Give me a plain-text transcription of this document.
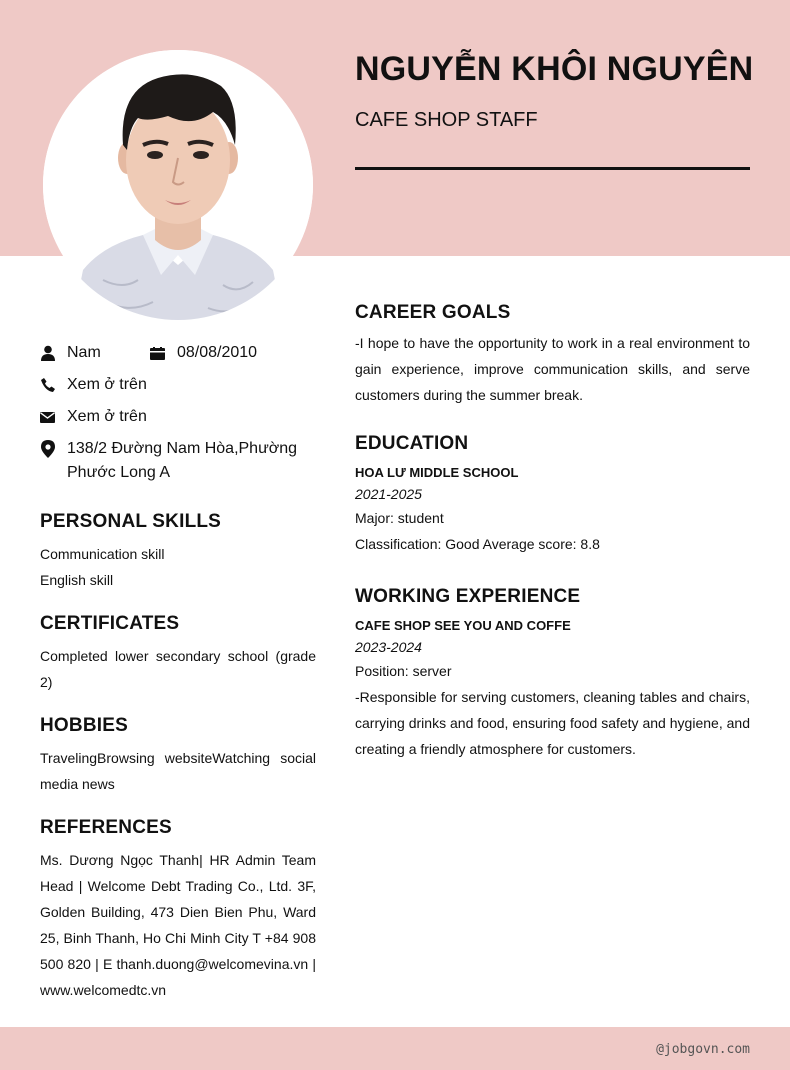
NGUYỄN KHÔI NGUYÊN
CAFE SHOP STAFF
Nam	08/08/2010
Xem ở trên
Xem ở trên
138/2 Đường Nam Hòa,Phường
Phước Long A
PERSONAL SKILLS
Communication skill
English skill
CERTIFICATES
Completed lower secondary school (grade 2)
HOBBIES
TravelingBrowsing websiteWatching social media news
REFERENCES
Ms. Dương Ngọc Thanh| HR Admin Team Head | Welcome Debt Trading Co., Ltd. 3F, Golden Building, 473 Dien Bien Phu, Ward 25, Binh Thanh, Ho Chi Minh City T +84 908 500 820 | E thanh.duong@welcomevina.vn | www.welcomedtc.vn
CAREER GOALS
-I hope to have the opportunity to work in a real environment to gain experience, improve communication skills, and serve customers during the summer break.
EDUCATION
HOA LƯ MIDDLE SCHOOL
2021-2025
Major: student
Classification: Good Average score: 8.8
WORKING EXPERIENCE
CAFE SHOP SEE YOU AND COFFE
2023-2024
Position: server
-Responsible for serving customers, cleaning tables and chairs, carrying drinks and food, ensuring food safety and hygiene, and creating a friendly atmosphere for customers.
@jobgovn.com
